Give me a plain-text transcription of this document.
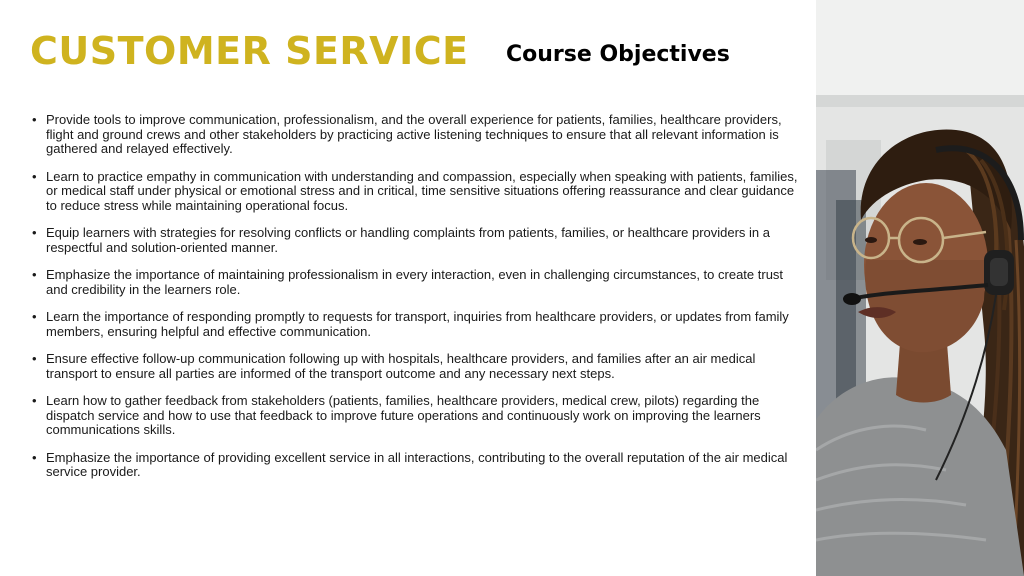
CUSTOMER SERVICE Course Objectives
• Provide tools to improve communication, professionalism, and the overall experience for patients, families, healthcare providers, flight and ground crews and other stakeholders by practicing active listening techniques to ensure that all relevant information is gathered and relayed effectively.
• Learn to practice empathy in communication with understanding and compassion, especially when speaking with patients, families, or medical staff under physical or emotional stress and in critical, time sensitive situations offering reassurance and clear guidance to reduce stress while maintaining operational focus.
• Equip learners with strategies for resolving conflicts or handling complaints from patients, families, or healthcare providers in a respectful and solution-oriented manner.
• Emphasize the importance of maintaining professionalism in every interaction, even in challenging circumstances, to create trust and credibility in the learners role.
• Learn the importance of responding promptly to requests for transport, inquiries from healthcare providers, or updates from family members, ensuring helpful and effective communication.
• Ensure effective follow-up communication following up with hospitals, healthcare providers, and families after an air medical transport to ensure all parties are informed of the transport outcome and any necessary next steps.
• Learn how to gather feedback from stakeholders (patients, families, healthcare providers, medical crew, pilots) regarding the dispatch service and how to use that feedback to improve future operations and continuously work on improving the learners communications skills.
• Emphasize the importance of providing excellent service in all interactions, contributing to the overall reputation of the air medical service provider.
